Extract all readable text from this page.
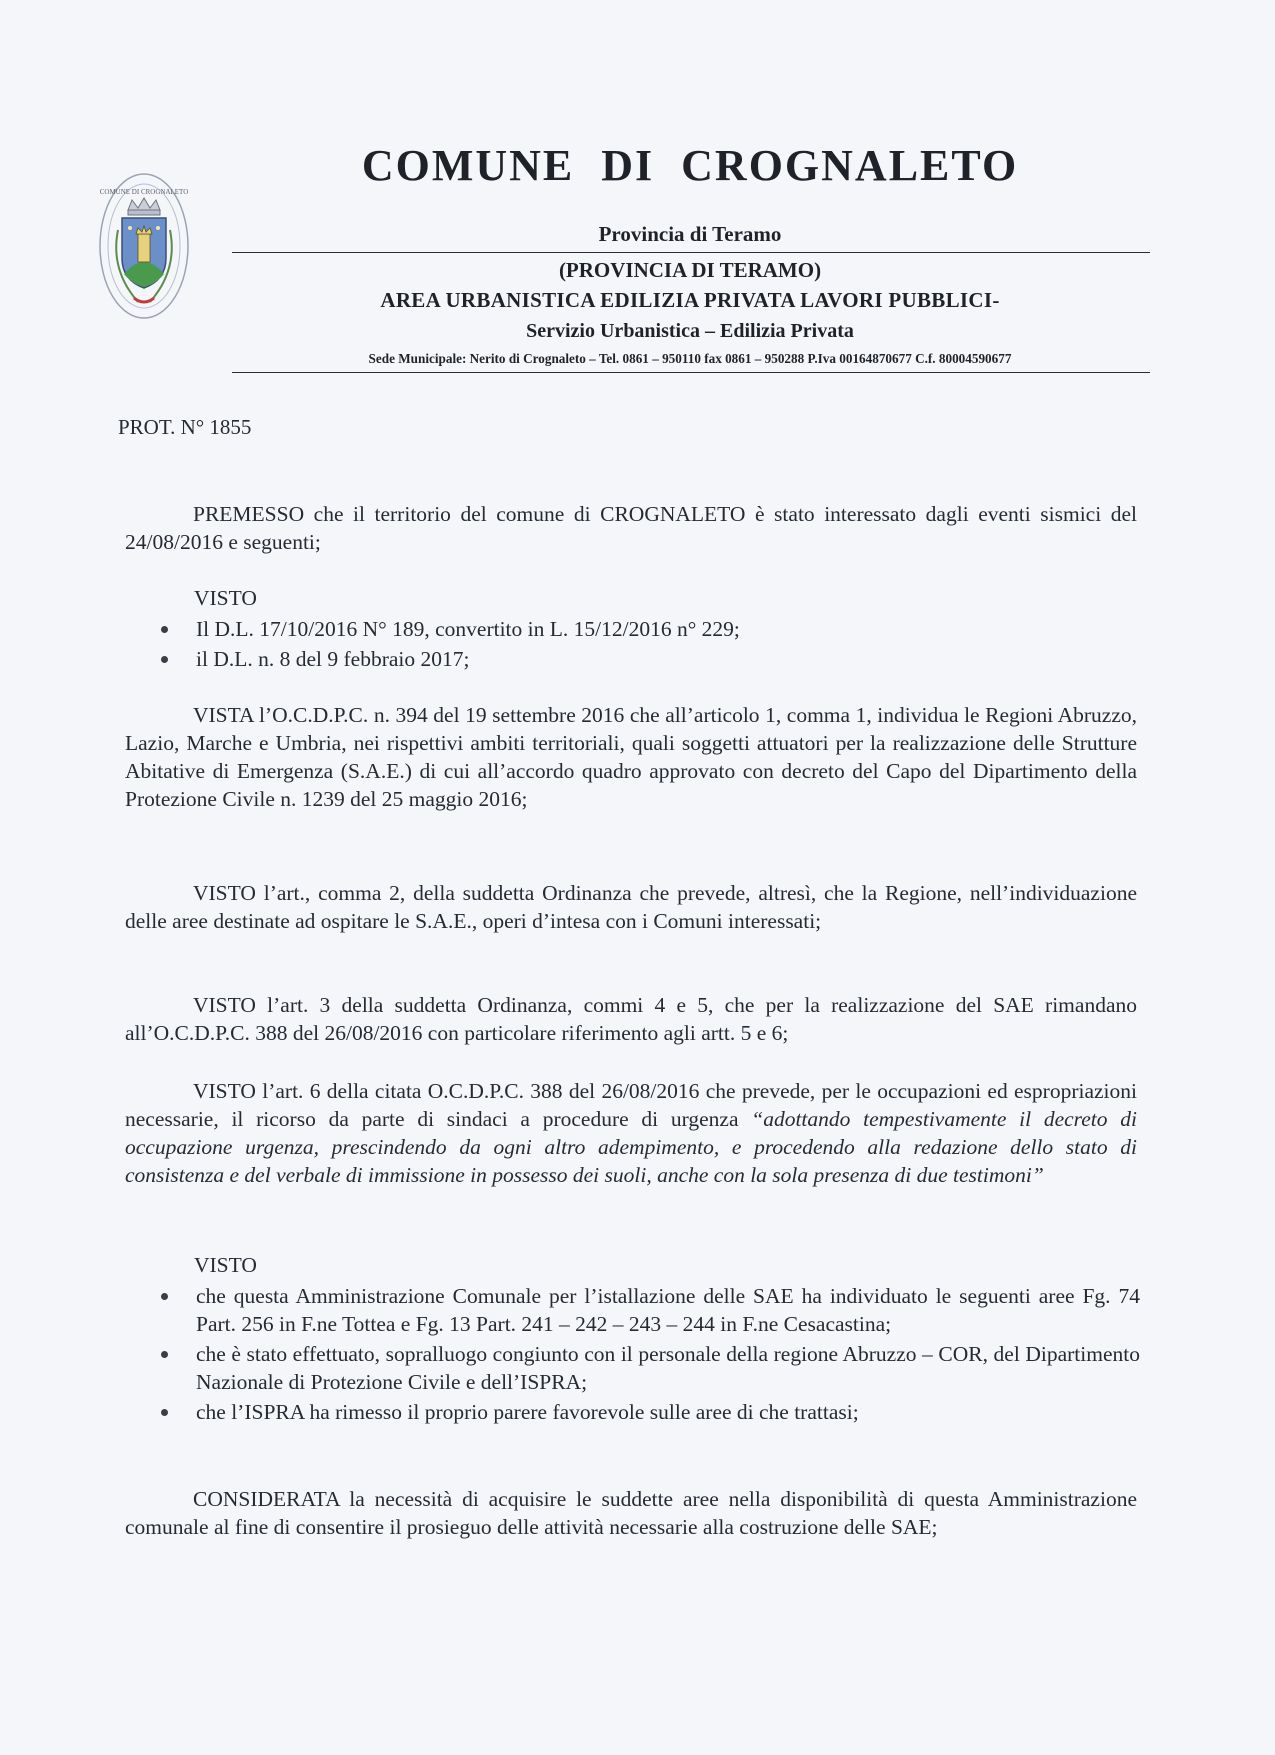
COMUNE DI CROGNALETO
COMUNE DI CROGNALETO
Provincia di Teramo
(PROVINCIA DI TERAMO)
AREA URBANISTICA EDILIZIA PRIVATA LAVORI PUBBLICI-
Servizio Urbanistica – Edilizia Privata
Sede Municipale: Nerito di Crognaleto – Tel. 0861 – 950110 fax 0861 – 950288 P.Iva 00164870677 C.f. 80004590677
PROT. N° 1855
PREMESSO che il territorio del comune di CROGNALETO è stato interessato dagli eventi sismici del 24/08/2016 e seguenti;
VISTO
Il D.L. 17/10/2016 N° 189, convertito in L. 15/12/2016 n° 229;
il D.L. n. 8 del 9 febbraio 2017;
VISTA l’O.C.D.P.C. n. 394 del 19 settembre 2016 che all’articolo 1, comma 1, individua le Regioni Abruzzo, Lazio, Marche e Umbria, nei rispettivi ambiti territoriali, quali soggetti attuatori per la realizzazione delle Strutture Abitative di Emergenza (S.A.E.) di cui all’accordo quadro approvato con decreto del Capo del Dipartimento della Protezione Civile n. 1239 del 25 maggio 2016;
VISTO l’art., comma 2, della suddetta Ordinanza che prevede, altresì, che la Regione, nell’individuazione delle aree destinate ad ospitare le S.A.E., operi d’intesa con i Comuni interessati;
VISTO l’art. 3 della suddetta Ordinanza, commi 4 e 5, che per la realizzazione del SAE rimandano all’O.C.D.P.C. 388 del 26/08/2016 con particolare riferimento agli artt. 5 e 6;
VISTO l’art. 6 della citata O.C.D.P.C. 388 del 26/08/2016 che prevede, per le occupazioni ed espropriazioni necessarie, il ricorso da parte di sindaci a procedure di urgenza “adottando tempestivamente il decreto di occupazione urgenza, prescindendo da ogni altro adempimento, e procedendo alla redazione dello stato di consistenza e del verbale di immissione in possesso dei suoli, anche con la sola presenza di due testimoni”
VISTO
che questa Amministrazione Comunale per l’istallazione delle SAE ha individuato le seguenti aree Fg. 74 Part. 256 in F.ne Tottea e Fg. 13 Part. 241 – 242 – 243 – 244 in F.ne Cesacastina;
che è stato effettuato, sopralluogo congiunto con il personale della regione Abruzzo – COR, del Dipartimento Nazionale di Protezione Civile e dell’ISPRA;
che l’ISPRA ha rimesso il proprio parere favorevole sulle aree di che trattasi;
CONSIDERATA la necessità di acquisire le suddette aree nella disponibilità di questa Amministrazione comunale al fine di consentire il prosieguo delle attività necessarie alla costruzione delle SAE;
